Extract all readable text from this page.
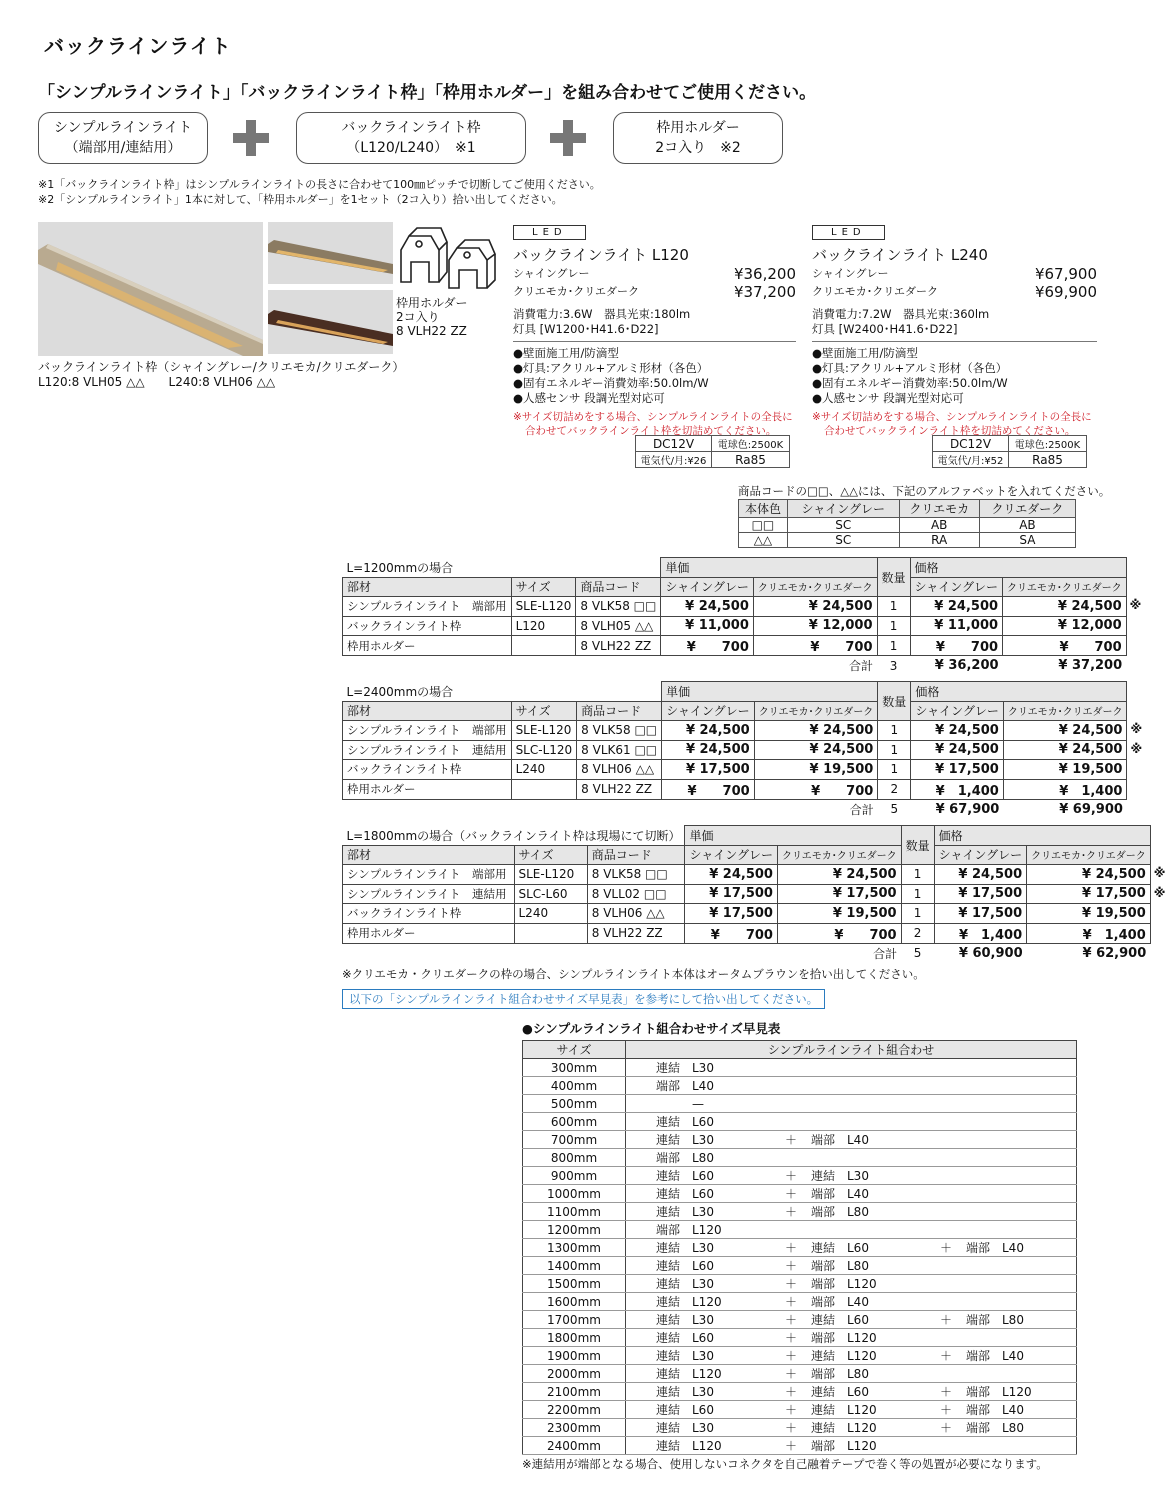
バックラインライト
「シンプルラインライト」「バックラインライト枠」「枠用ホルダー」を組み合わせてご使用ください。
シンプルラインライト
（端部用/連結用）
バックラインライト枠
（L120/L240）　※1
枠用ホルダー
2コ入り　※2
※1「バックラインライト枠」はシンプルラインライトの長さに合わせて100㎜ピッチで切断してご使用ください。
※2「シンプルラインライト」1本に対して、「枠用ホルダー」を1セット（2コ入り）拾い出してください。
バックラインライト枠（シャイングレー/クリエモカ/クリエダーク）
L120:8 VLH05 △△　　L240:8 VLH06 △△
枠用ホルダー
2コ入り
8 VLH22 ZZ
LED
バックラインライト L120
シャイングレー	¥36,200
クリエモカ･クリエダーク	¥37,200
消費電力:3.6W　器具光束:180lm
灯具 [W1200･H41.6･D22]
●壁面施工用/防滴型
●灯具:アクリル+アルミ形材（各色）
●固有エネルギー消費効率:50.0lm/W
●人感センサ 段調光型対応可
※サイズ切詰めをする場合、シンプルラインライトの全長に
合わせてバックラインライト枠を切詰めてください。
DC12V	電球色:2500K
電気代/月:¥26	Ra85
LED
バックラインライト L240
シャイングレー	¥67,900
クリエモカ･クリエダーク	¥69,900
消費電力:7.2W　器具光束:360lm
灯具 [W2400･H41.6･D22]
●壁面施工用/防滴型
●灯具:アクリル+アルミ形材（各色）
●固有エネルギー消費効率:50.0lm/W
●人感センサ 段調光型対応可
※サイズ切詰めをする場合、シンプルラインライトの全長に
合わせてバックラインライト枠を切詰めてください。
DC12V	電球色:2500K
電気代/月:¥52	Ra85
商品コードの□□、△△には、下記のアルファベットを入れてください。
本体色	シャイングレー	クリエモカ	クリエダーク
□□	SC	AB	AB
△△	SC	RA	SA
L=1200mmの場合			単価		数量	価格	
部材	サイズ	商品コード	シャイングレー	クリエモカ･クリエダーク		シャイングレー	クリエモカ･クリエダーク
シンプルラインライト　端部用	SLE-L120	8 VLK58 □□	¥ 24,500	¥ 24,500	1	¥ 24,500	¥ 24,500 ※

バックラインライト枠	L120	8 VLH05 △△	¥ 11,000	¥ 12,000	1	¥ 11,000	¥ 12,000

枠用ホルダー		8 VLH22 ZZ	¥　　700	¥　　700	1	¥　　700	¥　　700

				合計	3	¥ 36,200	¥ 37,200
L=2400mmの場合			単価		数量	価格	
部材	サイズ	商品コード	シャイングレー	クリエモカ･クリエダーク		シャイングレー	クリエモカ･クリエダーク
シンプルラインライト　端部用	SLE-L120	8 VLK58 □□	¥ 24,500	¥ 24,500	1	¥ 24,500	¥ 24,500 ※

シンプルラインライト　連結用	SLC-L120	8 VLK61 □□	¥ 24,500	¥ 24,500	1	¥ 24,500	¥ 24,500 ※

バックラインライト枠	L240	8 VLH06 △△	¥ 17,500	¥ 19,500	1	¥ 17,500	¥ 19,500

枠用ホルダー		8 VLH22 ZZ	¥　　700	¥　　700	2	¥　1,400	¥　1,400

				合計	5	¥ 67,900	¥ 69,900
L=1800mmの場合（バックラインライト枠は現場にて切断）			単価		数量	価格	
部材	サイズ	商品コード	シャイングレー	クリエモカ･クリエダーク		シャイングレー	クリエモカ･クリエダーク
シンプルラインライト　端部用	SLE-L120	8 VLK58 □□	¥ 24,500	¥ 24,500	1	¥ 24,500	¥ 24,500 ※

シンプルラインライト　連結用	SLC-L60	8 VLL02 □□	¥ 17,500	¥ 17,500	1	¥ 17,500	¥ 17,500 ※

バックラインライト枠	L240	8 VLH06 △△	¥ 17,500	¥ 19,500	1	¥ 17,500	¥ 19,500

枠用ホルダー		8 VLH22 ZZ	¥　　700	¥　　700	2	¥　1,400	¥　1,400

				合計	5	¥ 60,900	¥ 62,900
※クリエモカ・クリエダークの枠の場合、シンプルラインライト本体はオータムブラウンを拾い出してください。
以下の「シンプルラインライト組合わせサイズ早見表」を参考にして拾い出してください。
●シンプルラインライト組合わせサイズ早見表
サイズ	シンプルラインライト組合わせ
300mm	連結　L30

400mm	端部　L40

500mm	　　　—

600mm	連結　L60

700mm	連結　L30 ＋ 端部　L40

800mm	端部　L80

900mm	連結　L60 ＋ 連結　L30

1000mm	連結　L60 ＋ 端部　L40

1100mm	連結　L30 ＋ 端部　L80

1200mm	端部　L120

1300mm	連結　L30 ＋ 連結　L60 ＋ 端部　L40

1400mm	連結　L60 ＋ 端部　L80

1500mm	連結　L30 ＋ 端部　L120

1600mm	連結　L120 ＋ 端部　L40

1700mm	連結　L30 ＋ 連結　L60 ＋ 端部　L80

1800mm	連結　L60 ＋ 端部　L120

1900mm	連結　L30 ＋ 連結　L120 ＋ 端部　L40

2000mm	連結　L120 ＋ 端部　L80

2100mm	連結　L30 ＋ 連結　L60 ＋ 端部　L120

2200mm	連結　L60 ＋ 連結　L120 ＋ 端部　L40

2300mm	連結　L30 ＋ 連結　L120 ＋ 端部　L80

2400mm	連結　L120 ＋ 端部　L120
※連結用が端部となる場合、使用しないコネクタを自己融着テープで巻く等の処置が必要になります。
